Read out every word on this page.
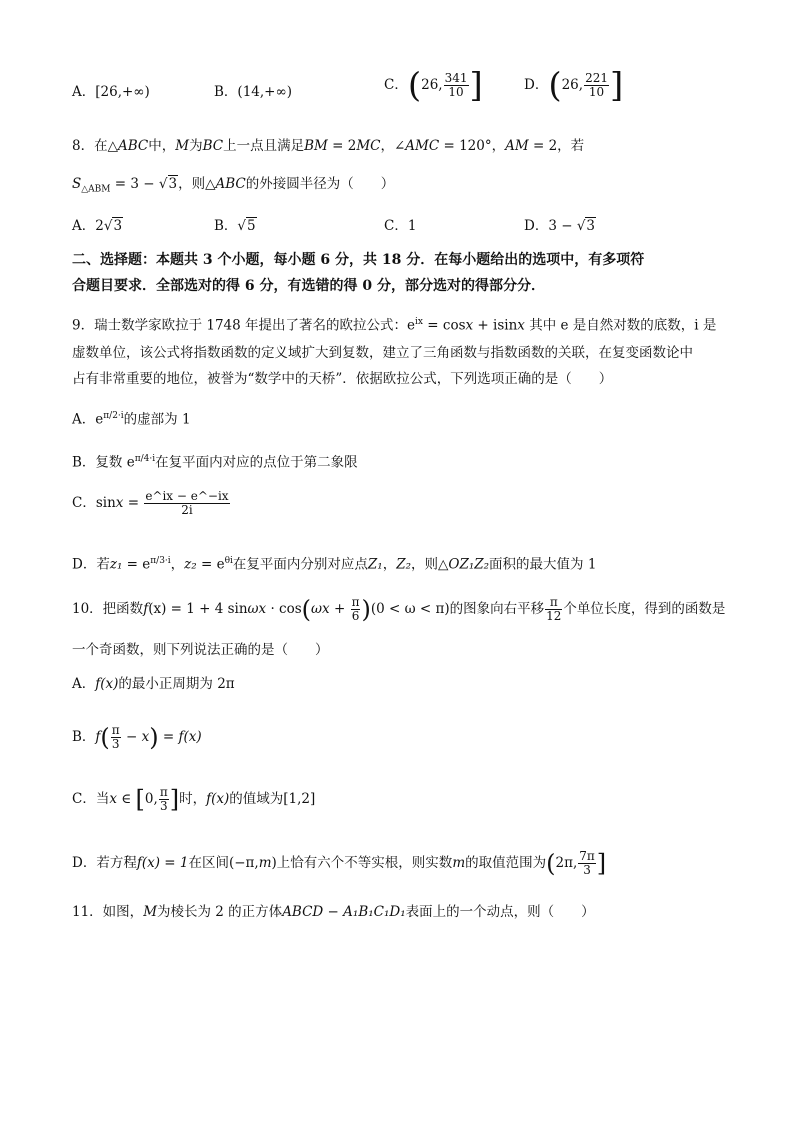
A．[26,+∞)	B．(14,+∞)	C．(26, $\frac{341}{10}$ ]	D．(26, $\frac{221}{10}$ ]
8．在△ABC中，M为BC上一点且满足BM = 2MC，∠AMC = 120°，AM = 2，若
$S_{\triangle ABM} = 3 - √3$，则△ABC的外接圆半径为（　　）
A．2√3	B．√5	C．1	D．3 − √3
二、选择题：本题共 3 个小题，每小题 6 分，共 18 分．在每小题给出的选项中，有多项符
合题目要求．全部选对的得 6 分，有选错的得 0 分，部分选对的得部分分．
9．瑞士数学家欧拉于 1748 年提出了著名的欧拉公式：$e^{ix} = \cos x + isinx$ 其中 e 是自然对数的底数，i 是
虚数单位，该公式将指数函数的定义域扩大到复数，建立了三角函数与指数函数的关联，在复变函数论中
占有非常重要的地位，被誉为“数学中的天桥”．依据欧拉公式，下列选项正确的是（　　）
A．$e^{\pi/2\cdot i}$的虚部为 1
B．复数 $e^{\pi/4\cdot i}$在复平面内对应的点位于第二象限
C．$\sin x = \frac{e\^{}ix - e\^{}-ix}{2i}$
D．若$z_1 = e^{\pi/3\cdot i}$，$z_2 = e^{\theta i}$在复平面内分别对应点Z₁，Z₂，则△OZ₁Z₂面积的最大值为 1
10．把函数f(x) = 1 + 4 $\sin\omega x \cdot \cos(\omega x + \frac{\pi}{6} )(0 < \omega < \pi)$的图象向右平移 $\frac{\pi}{12}$ 个单位长度，得到的函数是
一个奇函数，则下列说法正确的是（　　）
A．f(x)的最小正周期为 2π
B．$f( \frac{\pi}{3} - x) = f(x)$
C．当x ∈ [0, $\frac{\pi}{3}$ ]时，f(x)的值域为[1,2]
D．若方程f(x) = 1在区间(−π,m)上恰有六个不等实根，则实数m的取值范围为(2π, $\frac{7\pi}{3}$ ]
11．如图，M为棱长为 2 的正方体ABCD − A₁B₁C₁D₁表面上的一个动点，则（　　）
